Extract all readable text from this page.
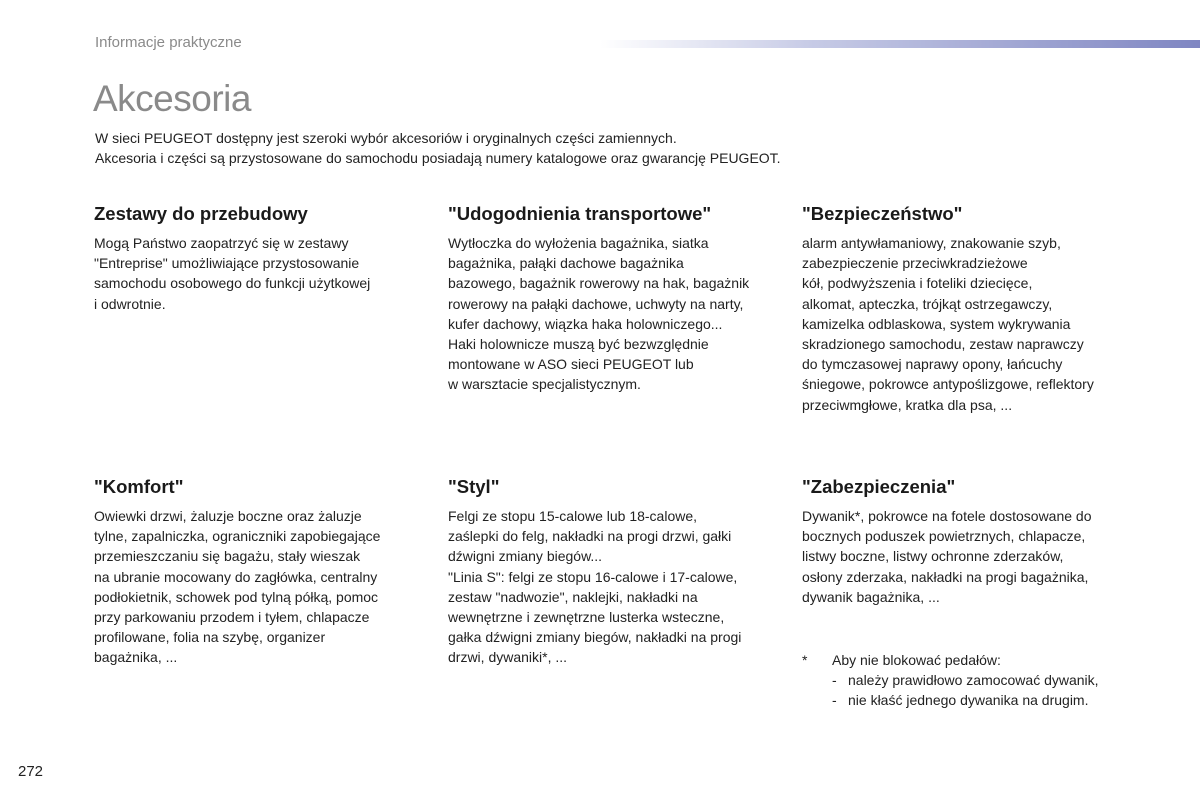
Informacje praktyczne
Akcesoria

W sieci PEUGEOT dostępny jest szeroki wybór akcesoriów i oryginalnych części zamiennych.

Akcesoria i części są przystosowane do samochodu posiadają numery katalogowe oraz gwarancję PEUGEOT.

Zestawy do przebudowy
Mogą Państwo zaopatrzyć się w zestawy
"Entreprise" umożliwiające przystosowanie
samochodu osobowego do funkcji użytkowej
i odwrotnie.
"Udogodnienia transportowe"
Wytłoczka do wyłożenia bagażnika, siatka
bagażnika, pałąki dachowe bagażnika
bazowego, bagażnik rowerowy na hak, bagażnik
rowerowy na pałąki dachowe, uchwyty na narty,
kufer dachowy, wiązka haka holowniczego...
Haki holownicze muszą być bezwzględnie
montowane w ASO sieci PEUGEOT lub
w warsztacie specjalistycznym.
"Bezpieczeństwo"
alarm antywłamaniowy, znakowanie szyb,
zabezpieczenie przeciwkradzieżowe
kół, podwyższenia i foteliki dziecięce,
alkomat, apteczka, trójkąt ostrzegawczy,
kamizelka odblaskowa, system wykrywania
skradzionego samochodu, zestaw naprawczy
do tymczasowej naprawy opony, łańcuchy
śniegowe, pokrowce antypoślizgowe, reflektory
przeciwmgłowe, kratka dla psa, ...
"Komfort"
Owiewki drzwi, żaluzje boczne oraz żaluzje
tylne, zapalniczka, ograniczniki zapobiegające
przemieszczaniu się bagażu, stały wieszak
na ubranie mocowany do zagłówka, centralny
podłokietnik, schowek pod tylną półką, pomoc
przy parkowaniu przodem i tyłem, chlapacze
profilowane, folia na szybę, organizer
bagażnika, ...
"Styl"
Felgi ze stopu 15-calowe lub 18-calowe,
zaślepki do felg, nakładki na progi drzwi, gałki
dźwigni zmiany biegów...
"Linia S": felgi ze stopu 16-calowe i 17-calowe,
zestaw "nadwozie", naklejki, nakładki na
wewnętrzne i zewnętrzne lusterka wsteczne,
gałka dźwigni zmiany biegów, nakładki na progi
drzwi, dywaniki*, ...
"Zabezpieczenia"
Dywanik*, pokrowce na fotele dostosowane do
bocznych poduszek powietrznych, chlapacze,
listwy boczne, listwy ochronne zderzaków,
osłony zderzaka, nakładki na progi bagażnika,
dywanik bagażnika, ...
*	Aby nie blokować pedałów:
- należy prawidłowo zamocować dywanik,
- nie kłaść jednego dywanika na drugim.
272
